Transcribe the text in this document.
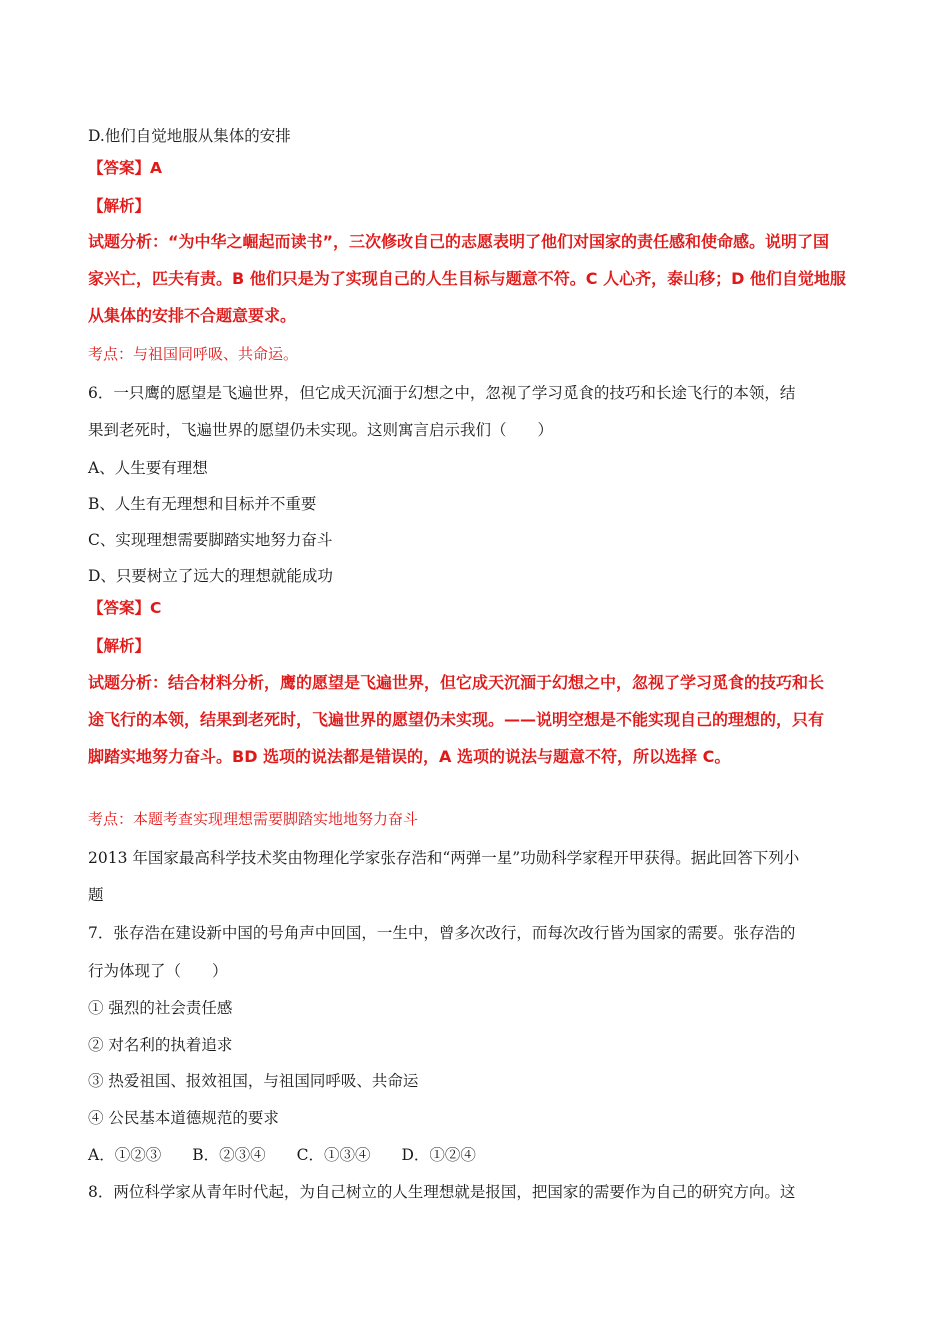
D.他们自觉地服从集体的安排
【答案】A
【解析】
试题分析：“为中华之崛起而读书”，三次修改自己的志愿表明了他们对国家的责任感和使命感。说明了国
家兴亡，匹夫有责。B 他们只是为了实现自己的人生目标与题意不符。C 人心齐，泰山移；D 他们自觉地服
从集体的安排不合题意要求。
考点：与祖国同呼吸、共命运。
6．一只鹰的愿望是飞遍世界，但它成天沉湎于幻想之中，忽视了学习觅食的技巧和长途飞行的本领，结
果到老死时，飞遍世界的愿望仍未实现。这则寓言启示我们（　　）
A、人生要有理想
B、人生有无理想和目标并不重要
C、实现理想需要脚踏实地努力奋斗
D、只要树立了远大的理想就能成功
【答案】C
【解析】
试题分析：结合材料分析，鹰的愿望是飞遍世界，但它成天沉湎于幻想之中，忽视了学习觅食的技巧和长
途飞行的本领，结果到老死时，飞遍世界的愿望仍未实现。——说明空想是不能实现自己的理想的，只有
脚踏实地努力奋斗。BD 选项的说法都是错误的，A 选项的说法与题意不符，所以选择 C。
考点：本题考查实现理想需要脚踏实地地努力奋斗
2013 年国家最高科学技术奖由物理化学家张存浩和“两弹一星”功勋科学家程开甲获得。据此回答下列小
题
7．张存浩在建设新中国的号角声中回国，一生中，曾多次改行，而每次改行皆为国家的需要。张存浩的
行为体现了（　　）
① 强烈的社会责任感
② 对名利的执着追求
③ 热爱祖国、报效祖国，与祖国同呼吸、共命运
④ 公民基本道德规范的要求
A．①②③　　B．②③④　　C．①③④　　D．①②④
8．两位科学家从青年时代起，为自己树立的人生理想就是报国，把国家的需要作为自己的研究方向。这
